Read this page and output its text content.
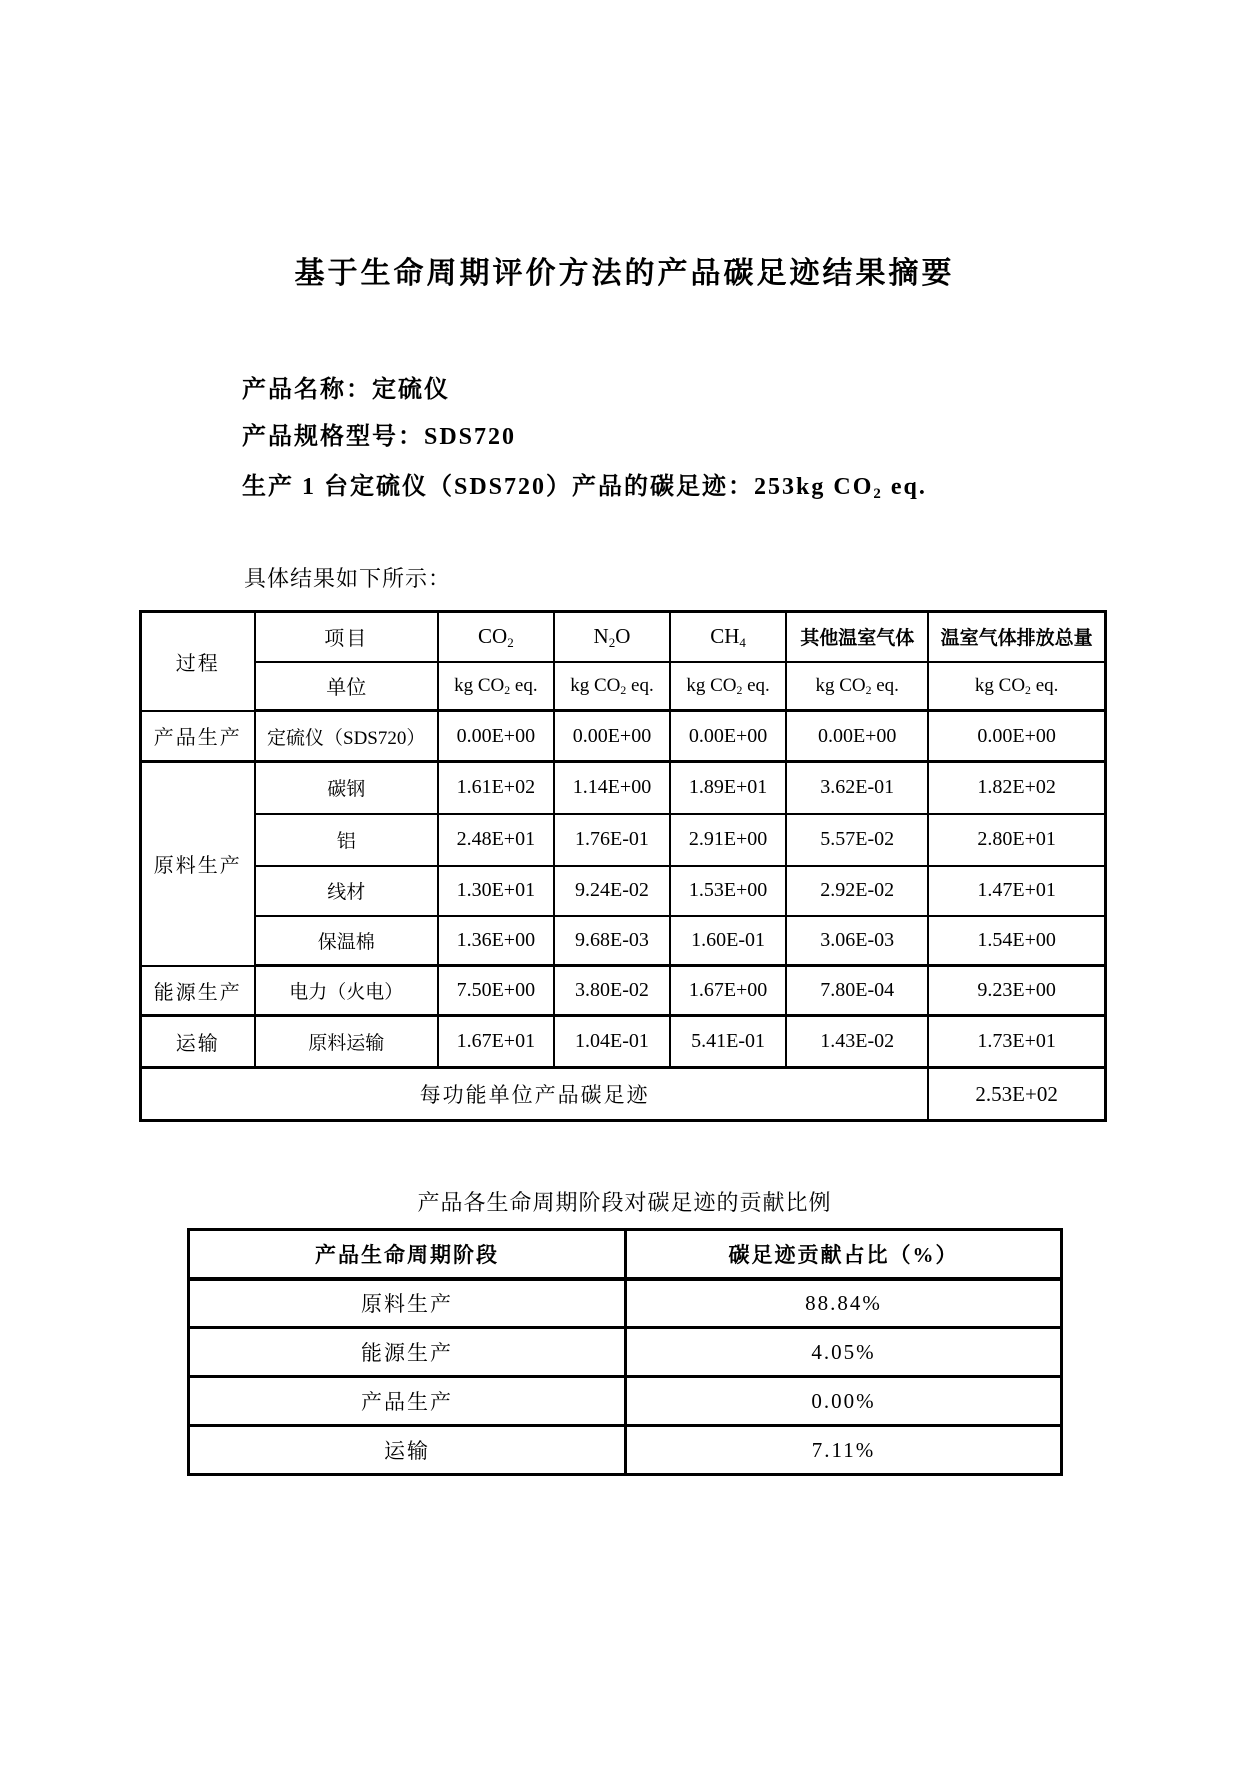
基于生命周期评价方法的产品碳足迹结果摘要

产品名称：定硫仪

产品规格型号：SDS720

生产 1 台定硫仪（SDS720）产品的碳足迹：253kg $CO_2$ eq.

具体结果如下所示：

过程	项目	$CO_2$	$N_2O$	$CH_4$	其他温室气体	温室气体排放总量
	单位	kg $CO_2$ eq.	kg $CO_2$ eq.	kg $CO_2$ eq.	kg $CO_2$ eq.	kg $CO_2$ eq.
产品生产	定硫仪（SDS720）	0.00E+00	0.00E+00	0.00E+00	0.00E+00	0.00E+00
原料生产	碳钢	1.61E+02	1.14E+00	1.89E+01	3.62E-01	1.82E+02
	铝	2.48E+01	1.76E-01	2.91E+00	5.57E-02	2.80E+01
	线材	1.30E+01	9.24E-02	1.53E+00	2.92E-02	1.47E+01
	保温棉	1.36E+00	9.68E-03	1.60E-01	3.06E-03	1.54E+00
能源生产	电力（火电）	7.50E+00	3.80E-02	1.67E+00	7.80E-04	9.23E+00
运输	原料运输	1.67E+01	1.04E-01	5.41E-01	1.43E-02	1.73E+01
每功能单位产品碳足迹						2.53E+02
产品各生命周期阶段对碳足迹的贡献比例
产品生命周期阶段	碳足迹贡献占比（%）
原料生产	88.84%
能源生产	4.05%
产品生产	0.00%
运输	7.11%
